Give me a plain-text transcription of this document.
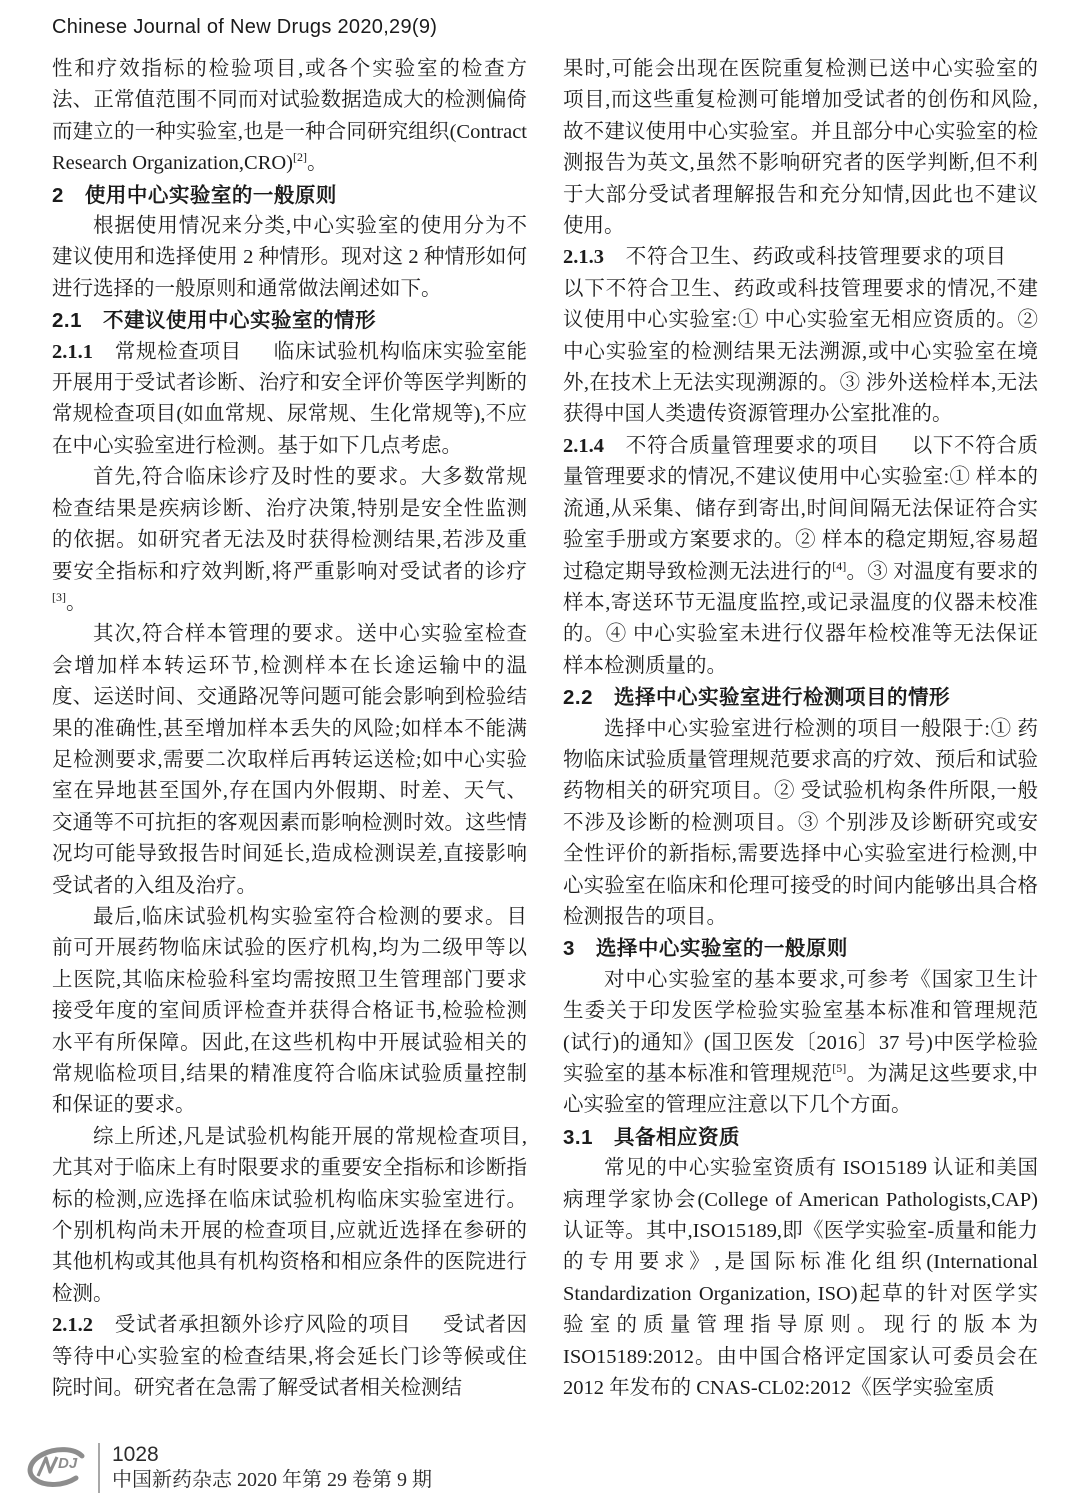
Chinese Journal of New Drugs 2020,29(9)

性和疗效指标的检验项目,或各个实验室的检查方法、正常值范围不同而对试验数据造成大的检测偏倚而建立的一种实验室,也是一种合同研究组织(Contract Research Organization,CRO)[2]。

2　使用中心实验室的一般原则

根据使用情况来分类,中心实验室的使用分为不建议使用和选择使用 2 种情形。现对这 2 种情形如何进行选择的一般原则和通常做法阐述如下。

2.1　不建议使用中心实验室的情形

2.1.1　常规检查项目　 临床试验机构临床实验室能开展用于受试者诊断、治疗和安全评价等医学判断的常规检查项目(如血常规、尿常规、生化常规等),不应在中心实验室进行检测。基于如下几点考虑。

首先,符合临床诊疗及时性的要求。大多数常规检查结果是疾病诊断、治疗决策,特别是安全性监测的依据。如研究者无法及时获得检测结果,若涉及重要安全指标和疗效判断,将严重影响对受试者的诊疗[3]。

其次,符合样本管理的要求。送中心实验室检查会增加样本转运环节,检测样本在长途运输中的温度、运送时间、交通路况等问题可能会影响到检验结果的准确性,甚至增加样本丢失的风险;如样本不能满足检测要求,需要二次取样后再转运送检;如中心实验室在异地甚至国外,存在国内外假期、时差、天气、交通等不可抗拒的客观因素而影响检测时效。这些情况均可能导致报告时间延长,造成检测误差,直接影响受试者的入组及治疗。

最后,临床试验机构实验室符合检测的要求。目前可开展药物临床试验的医疗机构,均为二级甲等以上医院,其临床检验科室均需按照卫生管理部门要求接受年度的室间质评检查并获得合格证书,检验检测水平有所保障。因此,在这些机构中开展试验相关的常规临检项目,结果的精准度符合临床试验质量控制和保证的要求。

综上所述,凡是试验机构能开展的常规检查项目,尤其对于临床上有时限要求的重要安全指标和诊断指标的检测,应选择在临床试验机构临床实验室进行。个别机构尚未开展的检查项目,应就近选择在参研的其他机构或其他具有机构资格和相应条件的医院进行检测。

2.1.2　受试者承担额外诊疗风险的项目　 受试者因等待中心实验室的检查结果,将会延长门诊等候或住院时间。研究者在急需了解受试者相关检测结

果时,可能会出现在医院重复检测已送中心实验室的项目,而这些重复检测可能增加受试者的创伤和风险,故不建议使用中心实验室。并且部分中心实验室的检测报告为英文,虽然不影响研究者的医学判断,但不利于大部分受试者理解报告和充分知情,因此也不建议使用。

2.1.3　不符合卫生、药政或科技管理要求的项目　 以下不符合卫生、药政或科技管理要求的情况,不建议使用中心实验室:① 中心实验室无相应资质的。② 中心实验室的检测结果无法溯源,或中心实验室在境外,在技术上无法实现溯源的。③ 涉外送检样本,无法获得中国人类遗传资源管理办公室批准的。

2.1.4　不符合质量管理要求的项目　 以下不符合质量管理要求的情况,不建议使用中心实验室:① 样本的流通,从采集、储存到寄出,时间间隔无法保证符合实验室手册或方案要求的。② 样本的稳定期短,容易超过稳定期导致检测无法进行的[4]。③ 对温度有要求的样本,寄送环节无温度监控,或记录温度的仪器未校准的。④ 中心实验室未进行仪器年检校准等无法保证样本检测质量的。

2.2　选择中心实验室进行检测项目的情形

选择中心实验室进行检测的项目一般限于:① 药物临床试验质量管理规范要求高的疗效、预后和试验药物相关的研究项目。② 受试验机构条件所限,一般不涉及诊断的检测项目。③ 个别涉及诊断研究或安全性评价的新指标,需要选择中心实验室进行检测,中心实验室在临床和伦理可接受的时间内能够出具合格检测报告的项目。

3　选择中心实验室的一般原则

对中心实验室的基本要求,可参考《国家卫生计生委关于印发医学检验实验室基本标准和管理规范(试行)的通知》(国卫医发〔2016〕37 号)中医学检验实验室的基本标准和管理规范[5]。为满足这些要求,中心实验室的管理应注意以下几个方面。

3.1　具备相应资质

常见的中心实验室资质有 ISO15189 认证和美国病理学家协会(College of American Pathologists,CAP)认证等。其中,ISO15189,即《医学实验室-质量和能力的专用要求》,是国际标准化组织(International Standardization Organization, ISO)起草的针对医学实验室的质量管理指导原则。现行的版本为 ISO15189:2012。由中国合格评定国家认可委员会在 2012 年发布的 CNAS-CL02:2012《医学实验室质

DJ 1028
中国新药杂志 2020 年第 29 卷第 9 期
